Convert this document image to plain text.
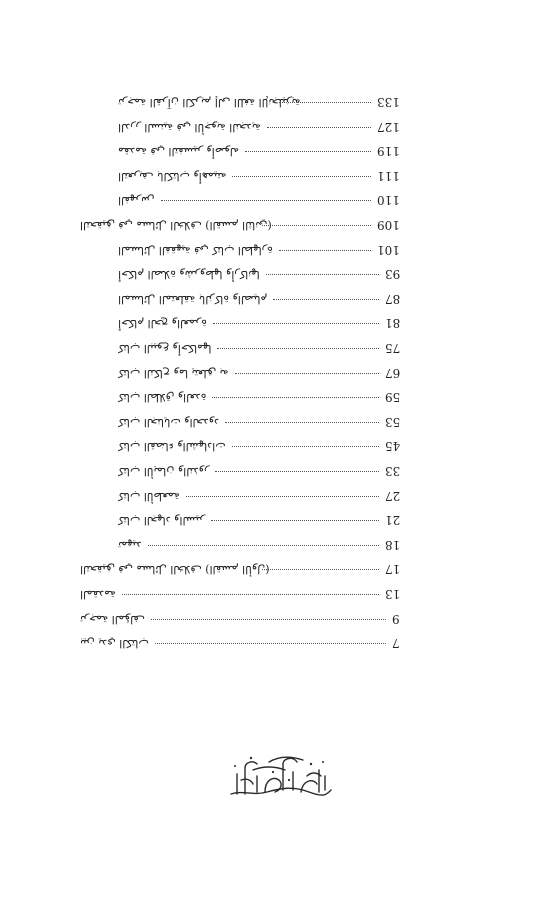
ترجمة القرآن الكريم إلى اللغة الإنجليزية	133
الدرر السنية في الأجوبة النجدية	127
مقدمة في التفسير وأصوله	119
التعريف بالكتاب وأهميته	111
الفهرس	110
التحقيق في مسائل الخلاف (القسم الثاني)	109
المسائل الفقهية في كتاب الطهارة	101
أحكام الصلاة وشروطها وأركانها	93
المسائل المتعلقة بالزكاة والصيام	87
أحكام الحج والعمرة	81
كتاب البيوع وأحكامها	75
كتاب النكاح وما يتعلق به	67
كتاب الطلاق والعدة	59
كتاب الجنايات والحدود	53
كتاب القضاء والشهادات	45
كتاب الأيمان والنذور	33
كتاب الأطعمة	27
كتاب الجهاد والسير	21
تمهيد	18
التحقيق في مسائل الخلاف (القسم الأول)	17
المقدمة	13
ترجمة المؤلف	9
بين يدي الكتاب	7
